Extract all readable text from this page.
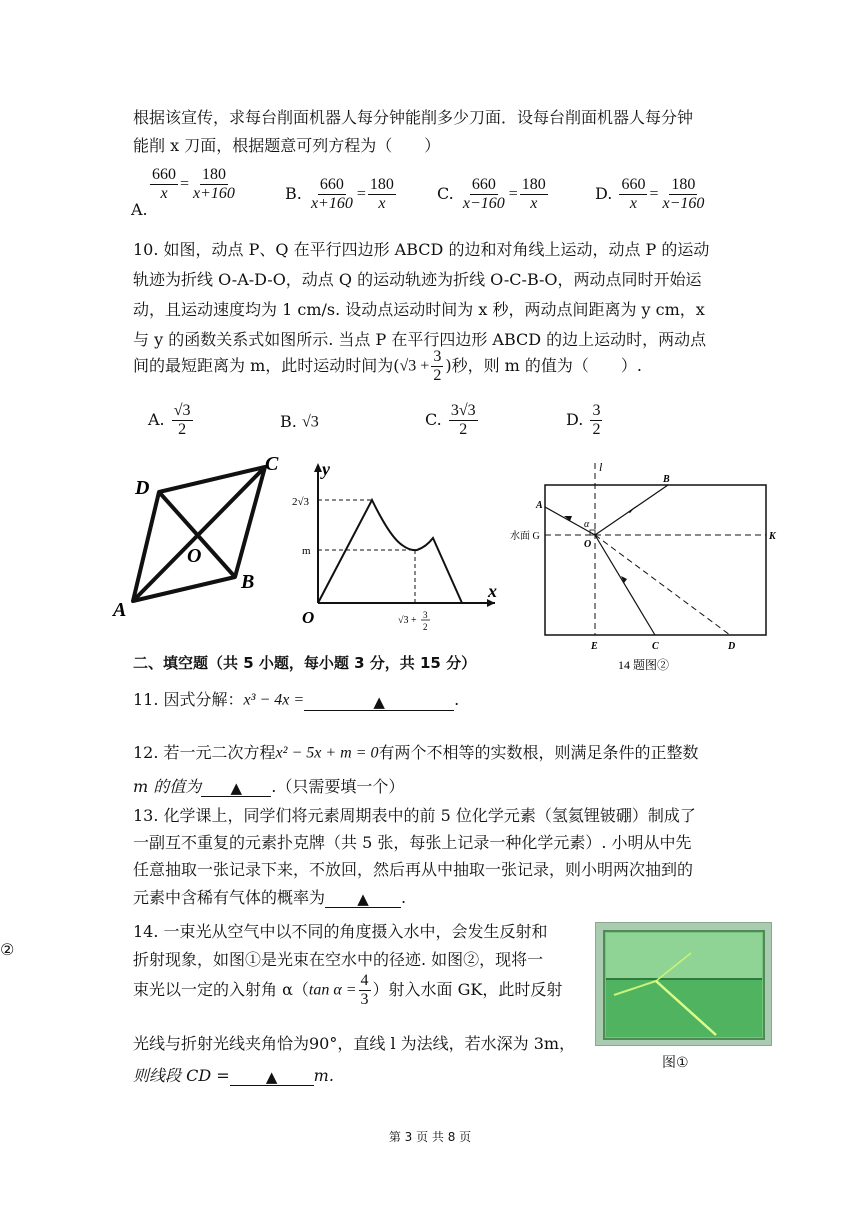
根据该宣传，求每台削面机器人每分钟能削多少刀面．设每台削面机器人每分钟
能削 x 刀面，根据题意可列方程为（　　）
A.
$\frac{660}{x} = \frac{180}{x+160}$	B. $\frac{660}{x+160} = \frac{180}{x}$	C. $\frac{660}{x-160} = \frac{180}{x}$	D. $\frac{660}{x} = \frac{180}{x-160}$
10. 如图，动点 P、Q 在平行四边形 ABCD 的边和对角线上运动，动点 P 的运动
轨迹为折线 O-A-D-O，动点 Q 的运动轨迹为折线 O-C-B-O，两动点同时开始运
动，且运动速度均为 1 cm/s. 设动点运动时间为 x 秒，两动点间距离为 y cm，x
与 y 的函数关系式如图所示. 当点 P 在平行四边形 ABCD 的边上运动时，两动点
间的最短距离为 m，此时运动时间为($√3 + \frac{3}{2}$ )秒，则 m 的值为（　　）.
A. $\frac{√3}{2}$	B. √3	C. $\frac{3√3}{2}$	D. $\frac{3}{2}$
D
C
O
A
B
y
x
O
2√3
m
√3 + 3
2
l
B
A
α
水面 G
O
K
E	C	D
14 题图②
二、填空题（共 5 小题，每小题 3 分，共 15 分）
11. 因式分解：x³ − 4x =	▲	.
12. 若一元二次方程x² − 5x + m = 0有两个不相等的实数根，则满足条件的正整数
m 的值为 ▲ .（只需要填一个）
13. 化学课上，同学们将元素周期表中的前 5 位化学元素（氢氦锂铍硼）制成了
一副互不重复的元素扑克牌（共 5 张，每张上记录一种化学元素）. 小明从中先
任意抽取一张记录下来，不放回，然后再从中抽取一张记录，则小明两次抽到的
元素中含稀有气体的概率为 ▲ .
②
14. 一束光从空气中以不同的角度摄入水中，会发生反射和
折射现象，如图①是光束在空水中的径迹. 如图②，现将一
束光以一定的入射角 α（tan $\alpha = \frac{4}{3}$ ）射入水面 GK，此时反射
光线与折射光线夹角恰为90°，直线 l 为法线，若水深为 3m，
则线段 CD = ▲ m.
图①
第 3 页 共 8 页
